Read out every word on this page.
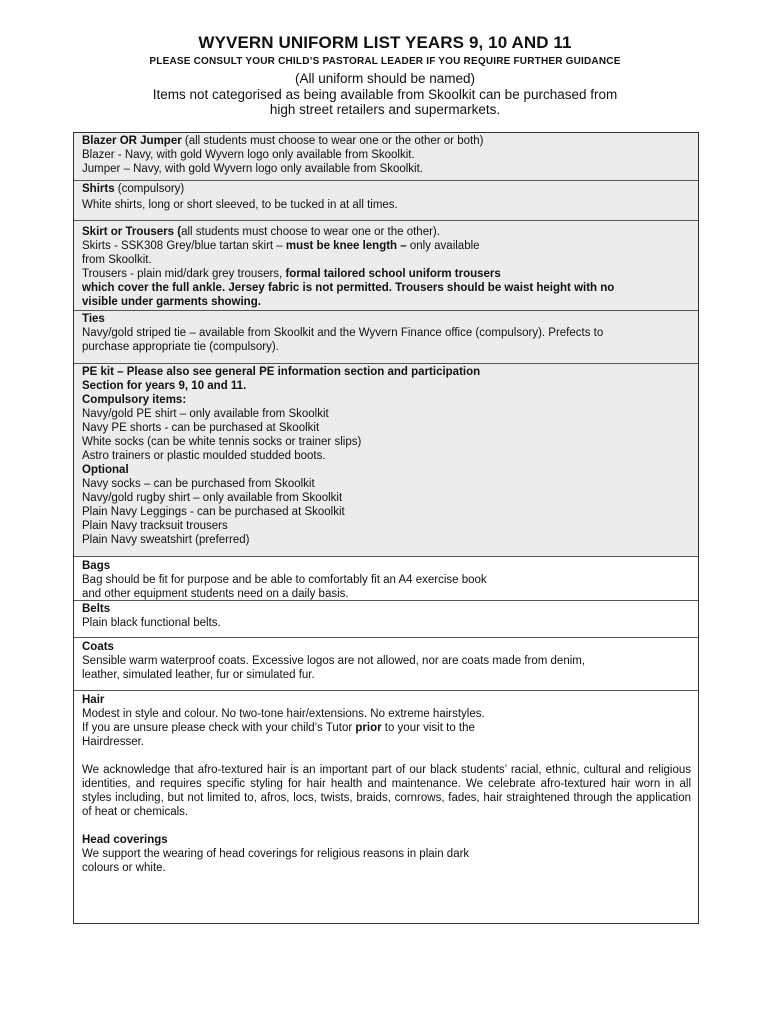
WYVERN UNIFORM LIST YEARS 9, 10 AND 11
PLEASE CONSULT YOUR CHILD’S PASTORAL LEADER IF YOU REQUIRE FURTHER GUIDANCE
(All uniform should be named)
Items not categorised as being available from Skoolkit can be purchased from
high street retailers and supermarkets.
Blazer OR Jumper (all students must choose to wear one or the other or both)
Blazer - Navy, with gold Wyvern logo only available from Skoolkit.
Jumper – Navy, with gold Wyvern logo only available from Skoolkit.
Shirts (compulsory)
White shirts, long or short sleeved, to be tucked in at all times.
Skirt or Trousers (all students must choose to wear one or the other).
Skirts - SSK308 Grey/blue tartan skirt – must be knee length – only available
from Skoolkit.
Trousers - plain mid/dark grey trousers, formal tailored school uniform trousers
which cover the full ankle. Jersey fabric is not permitted. Trousers should be waist height with no
visible under garments showing.
Ties
Navy/gold striped tie – available from Skoolkit and the Wyvern Finance office (compulsory). Prefects to
purchase appropriate tie (compulsory).
PE kit – Please also see general PE information section and participation
Section for years 9, 10 and 11.
Compulsory items:
Navy/gold PE shirt – only available from Skoolkit
Navy PE shorts - can be purchased at Skoolkit
White socks (can be white tennis socks or trainer slips)
Astro trainers or plastic moulded studded boots.
Optional
Navy socks – can be purchased from Skoolkit
Navy/gold rugby shirt – only available from Skoolkit
Plain Navy Leggings - can be purchased at Skoolkit
Plain Navy tracksuit trousers
Plain Navy sweatshirt (preferred)
Bags
Bag should be fit for purpose and be able to comfortably fit an A4 exercise book
and other equipment students need on a daily basis.
Belts
Plain black functional belts.
Coats
Sensible warm waterproof coats. Excessive logos are not allowed, nor are coats made from denim,
leather, simulated leather, fur or simulated fur.
Hair
Modest in style and colour. No two-tone hair/extensions. No extreme hairstyles.
If you are unsure please check with your child’s Tutor prior to your visit to the
Hairdresser.
We acknowledge that afro-textured hair is an important part of our black students’ racial, ethnic, cultural and religious identities, and requires specific styling for hair health and maintenance. We celebrate afro-textured hair worn in all styles including, but not limited to, afros, locs, twists, braids, cornrows, fades, hair straightened through the application of heat or chemicals.
Head coverings
We support the wearing of head coverings for religious reasons in plain dark
colours or white.
